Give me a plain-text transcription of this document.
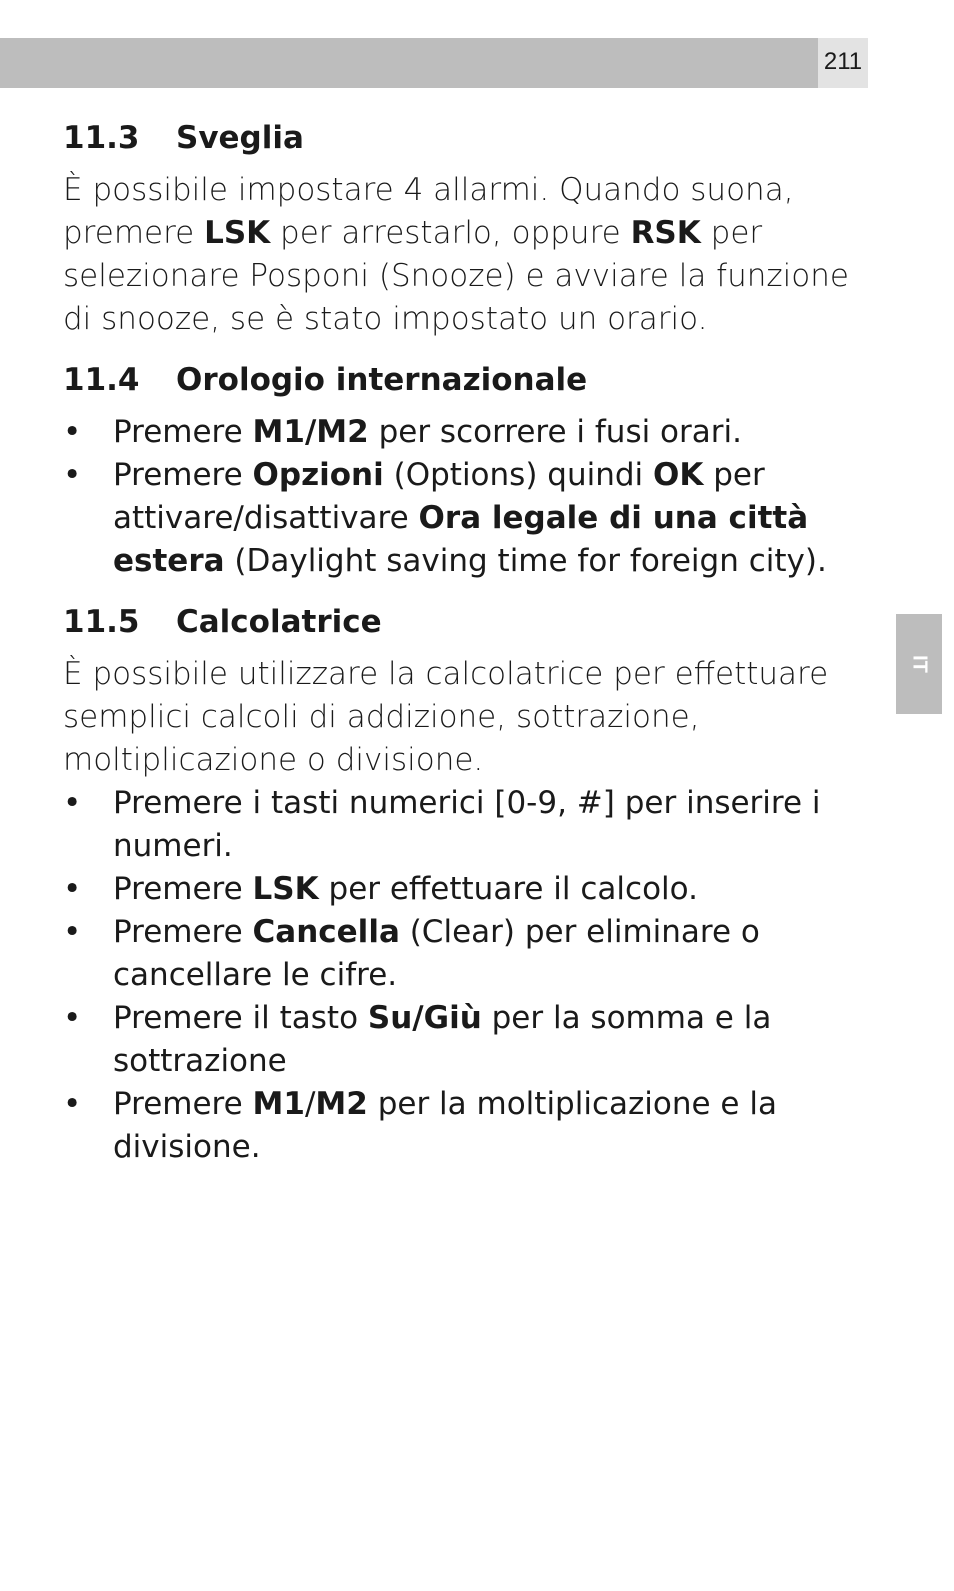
211
IT
11.3 Sveglia

È possibile impostare 4 allarmi. Quando suona, premere LSK per arrestarlo, oppure RSK per selezionare Posponi (Snooze) e avviare la funzione di snooze, se è stato impostato un orario.

11.4 Orologio internazionale
• Premere M1/M2 per scorrere i fusi orari.
• Premere Opzioni (Options) quindi OK per attivare/disattivare Ora legale di una città estera (Daylight saving time for foreign city).
11.5 Calcolatrice

È possibile utilizzare la calcolatrice per effettuare semplici calcoli di addizione, sottrazione, moltiplicazione o divisione.

• Premere i tasti numerici [0-9, #] per inserire i numeri.
• Premere LSK per effettuare il calcolo.
• Premere Cancella (Clear) per eliminare o cancellare le cifre.
• Premere il tasto Su/Giù per la somma e la sottrazione
• Premere M1/M2 per la moltiplicazione e la divisione.
